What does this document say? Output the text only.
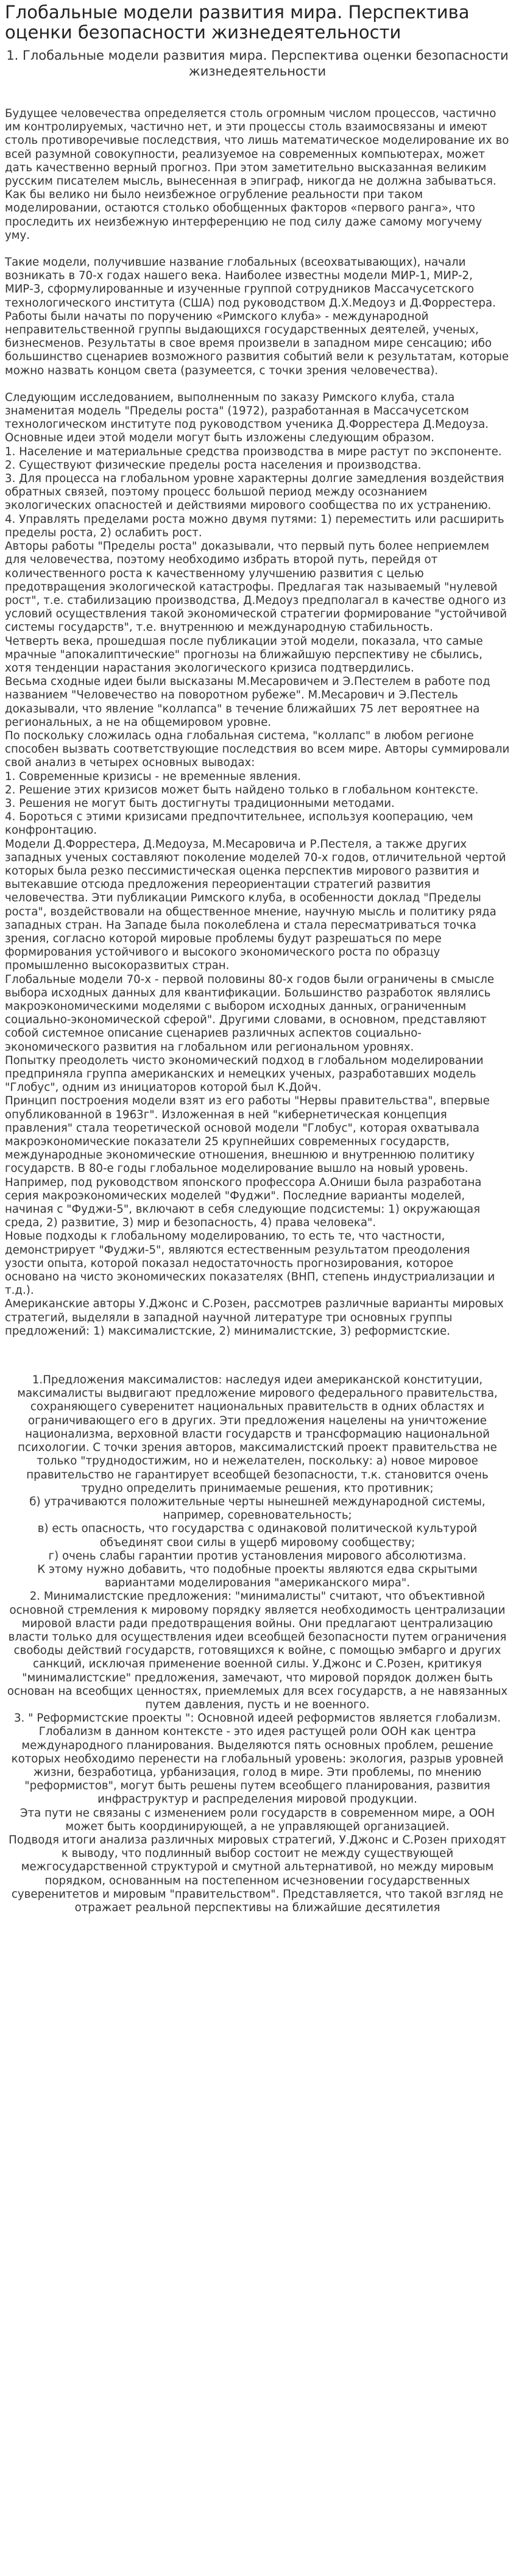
Глобальные модели развития мира. Перспектива оценки безопасности жизнедеятельности
1. Глобальные модели развития мира. Перспектива оценки безопасности жизнедеятельности

Будущее человечества определяется столь огромным числом процессов, частично им контролируемых, частично нет, и эти процессы столь взаимосвязаны и имеют столь противоречивые последствия, что лишь математическое моделирование их во всей разумной совокупности, реализуемое на современных компьютерах, может дать качественно верный прогноз. При этом заметительно высказанная великим русским писателем мысль, вынесенная в эпиграф, никогда не должна забываться. Как бы велико ни было неизбежное огрубление реальности при таком моделировании, остаются столько обобщенных факторов «первого ранга», что проследить их неизбежную интерференцию не под силу даже самому могучему уму.

Такие модели, получившие название глобальных (всеохватывающих), начали возникать в 70-х годах нашего века. Наиболее известны модели МИР-1, МИР-2, МИР-3, сформулированные и изученные группой сотрудников Массачусетского технологического института (США) под руководством Д.Х.Медоуз и Д.Форрестера. Работы были начаты по поручению «Римского клуба» - международной неправительственной группы выдающихся государственных деятелей, ученых, бизнесменов. Результаты в свое время произвели в западном мире сенсацию; ибо большинство сценариев возможного развития событий вели к результатам, которые можно назвать концом света (разумеется, с точки зрения человечества).

Следующим исследованием, выполненным по заказу Римского клуба, стала знаменитая модель "Пределы роста" (1972), разработанная в Массачусетском технологическом институте под руководством ученика Д.Форрестера Д.Медоуза. Основные идеи этой модели могут быть изложены следующим образом.
1. Население и материальные средства производства в мире растут по экспоненте.
2. Существуют физические пределы роста населения и производства.
3. Для процесса на глобальном уровне характерны долгие замедления воздействия обратных связей, поэтому процесс большой период между осознанием экологических опасностей и действиями мирового сообщества по их устранению.
4. Управлять пределами роста можно двумя путями: 1) переместить или расширить пределы роста, 2) ослабить рост.
Авторы работы "Пределы роста" доказывали, что первый путь более неприемлем для человечества, поэтому необходимо избрать второй путь, перейдя от количественного роста к качественному улучшению развития с целью предотвращения экологической катастрофы. Предлагая так называемый "нулевой рост", т.е. стабилизацию производства, Д.Медоуз предполагал в качестве одного из условий осуществления такой экономической стратегии формирование "устойчивой системы государств", т.е. внутреннюю и международную стабильность.
Четверть века, прошедшая после публикации этой модели, показала, что самые мрачные "апокалиптические" прогнозы на ближайшую перспективу не сбылись, хотя тенденции нарастания экологического кризиса подтвердились.
Весьма сходные идеи были высказаны М.Месаровичем и Э.Пестелем в работе под названием "Человечество на поворотном рубеже". М.Месарович и Э.Пестель доказывали, что явление "коллапса" в течение ближайших 75 лет вероятнее на региональных, а не на общемировом уровне.

По поскольку сложилась одна глобальная система, "коллапс" в любом регионе способен вызвать соответствующие последствия во всем мире. Авторы суммировали свой анализ в четырех основных выводах:
1. Современные кризисы - не временные явления.
2. Решение этих кризисов может быть найдено только в глобальном контексте.
3. Решения не могут быть достигнуты традиционными методами.
4. Бороться с этими кризисами предпочтительнее, используя кооперацию, чем конфронтацию.
Модели Д.Форрестера, Д.Медоуза, М.Месаровича и Р.Пестеля, а также других западных ученых составляют поколение моделей 70-х годов, отличительной чертой которых была резко пессимистическая оценка перспектив мирового развития и вытекавшие отсюда предложения переориентации стратегий развития человечества. Эти публикации Римского клуба, в особенности доклад "Пределы роста", воздействовали на общественное мнение, научную мысль и политику ряда западных стран. На Западе была поколеблена и стала пересматриваться точка зрения, согласно которой мировые проблемы будут разрешаться по мере формирования устойчивого и высокого экономического роста по образцу промышленно высокоразвитых стран.
Глобальные модели 70-х - первой половины 80-х годов были ограничены в смысле выбора исходных данных для квантификации. Большинство разработок являлись макроэкономическими моделями с выбором исходных данных, ограниченным социально-экономической сферой". Другими словами, в основном, представляют собой системное описание сценариев различных аспектов социально-экономического развития на глобальном или региональном уровнях.
Попытку преодолеть чисто экономический подход в глобальном моделировании предприняла группа американских и немецких ученых, разработавших модель "Глобус", одним из инициаторов которой был К.Дойч.
Принцип построения модели взят из его работы "Нервы правительства", впервые опубликованной в 1963г". Изложенная в ней "кибернетическая концепция правления" стала теоретической основой модели "Глобус", которая охватывала макроэкономические показатели 25 крупнейших современных государств, международные экономические отношения, внешнюю и внутреннюю политику государств. В 80-е годы глобальное моделирование вышло на новый уровень. Например, под руководством японского профессора А.Ониши была разработана серия макроэкономических моделей "Фуджи". Последние варианты моделей, начиная с "Фуджи-5", включают в себя следующие подсистемы: 1) окружающая среда, 2) развитие, 3) мир и безопасность, 4) права человека".
Новые подходы к глобальному моделированию, то есть те, что частности, демонстрирует "Фуджи-5", являются естественным результатом преодоления узости опыта, которой показал недостаточность прогнозирования, которое основано на чисто экономических показателях (ВНП, степень индустриализации и т.д.).
Американские авторы У.Джонс и С.Розен, рассмотрев различные варианты мировых стратегий, выделяли в западной научной литературе три основных группы предложений: 1) максималистские, 2) минималистские, 3) реформистские.

1.Предложения максималистов: наследуя идеи американской конституции, максималисты выдвигают предложение мирового федерального правительства, сохраняющего суверенитет национальных правительств в одних областях и ограничивающего его в других. Эти предложения нацелены на уничтожение национализма, верховной власти государств и трансформацию национальной психологии. С точки зрения авторов, максималистский проект правительства не только "труднодостижим, но и нежелателен, поскольку: а) новое мировое правительство не гарантирует всеобщей безопасности, т.к. становится очень трудно определить принимаемые решения, кто противник;
б) утрачиваются положительные черты нынешней международной системы, например, соревновательность;
в) есть опасность, что государства с одинаковой политической культурой объединят свои силы в ущерб мировому сообществу;
г) очень слабы гарантии против установления мирового абсолютизма.
К этому нужно добавить, что подобные проекты являются едва скрытыми вариантами моделирования "американского мира".
2. Минималистские предложения: "минималисты" считают, что объективной основной стремления к мировому порядку является необходимость централизации мировой власти ради предотвращения войны. Они предлагают централизацию власти только для осуществления идеи всеобщей безопасности путем ограничения свободы действий государств, готовящихся к войне, с помощью эмбарго и других санкций, исключая применение военной силы. У.Джонс и С.Розен, критикуя "минималистские" предложения, замечают, что мировой порядок должен быть основан на всеобщих ценностях, приемлемых для всех государств, а не навязанных путем давления, пусть и не военного.
3. " Реформистские проекты ": Основной идеей реформистов является глобализм. Глобализм в данном контексте - это идея растущей роли ООН как центра международного планирования. Выделяются пять основных проблем, решение которых необходимо перенести на глобальный уровень: экология, разрыв уровней жизни, безработица, урбанизация, голод в мире. Эти проблемы, по мнению "реформистов", могут быть решены путем всеобщего планирования, развития инфраструктур и распределения мировой продукции.
Эта пути не связаны с изменением роли государств в современном мире, а ООН может быть координирующей, а не управляющей организацией.
Подводя итоги анализа различных мировых стратегий, У.Джонс и С.Розен приходят к выводу, что подлинный выбор состоит не между существующей межгосударственной структурой и смутной альтернативой, но между мировым порядком, основанным на постепенном исчезновении государственных суверенитетов и мировым "правительством". Представляется, что такой взгляд не отражает реальной перспективы на ближайшие десятилетия
